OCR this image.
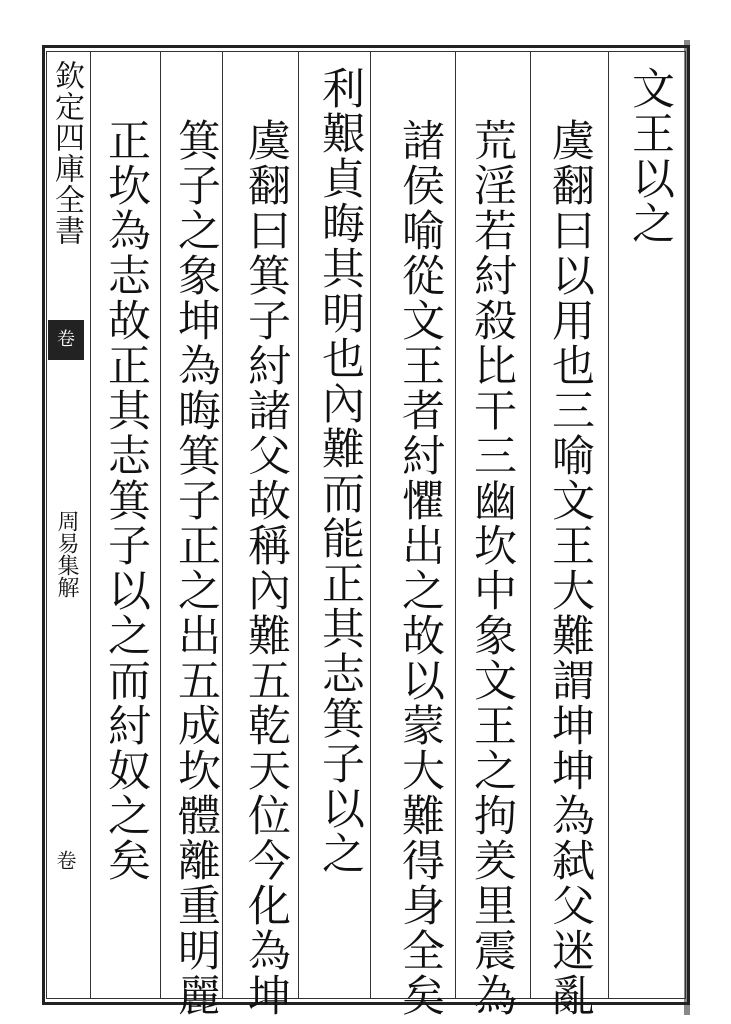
欽定四庫全書
卷
周易集解
卷
文王以之
虞翻曰以用也三喻文王大難謂坤坤為弑父迷亂
荒淫若紂殺比干三幽坎中象文王之拘羑里震為
諸侯喻從文王者紂懼出之故以蒙大難得身全矣
利艱貞晦其明也內難而能正其志箕子以之
虞翻曰箕子紂諸父故稱內難五乾天位今化為坤
箕子之象坤為晦箕子正之出五成坎體離重明麗
正坎為志故正其志箕子以之而紂奴之矣
